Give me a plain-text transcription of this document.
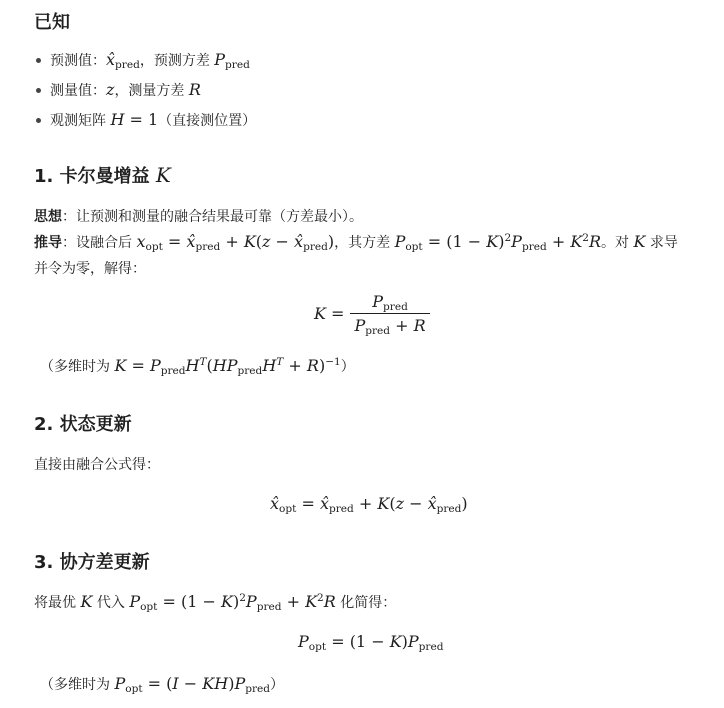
已知
预测值：$x̂_{pred}$，预测方差 $P_{pred}$
测量值：z，测量方差 R
观测矩阵 H = 1（直接测位置）
1. 卡尔曼增益 K
思想：让预测和测量的融合结果最可靠（方差最小）。
推导：设融合后 $x_{opt}$ = $x̂_{pred} + K(z$ − $x̂_{pred}$)，其方差 $P_{opt} = (1 - K)^2P_{pred} + K^2R$。对 K 求导
并令为零，解得：
$K = \frac{P_{pred}}{P_{pred} + R}$
（多维时为 $K = P_{pred}H^T(HP_{pred}H^T + R)^{-1}$）
2. 状态更新
直接由融合公式得：
$x̂_{opt}$ = $x̂_{pred} + K(z$ − $x̂_{pred}$)
3. 协方差更新
将最优 K 代入 $P_{opt} = (1 - K)^2P_{pred} + K^2R$ 化简得：
$P_{opt} = (1 - K)P_{pred}$
（多维时为 $P_{opt} = (I - KH)P_{pred}$）
